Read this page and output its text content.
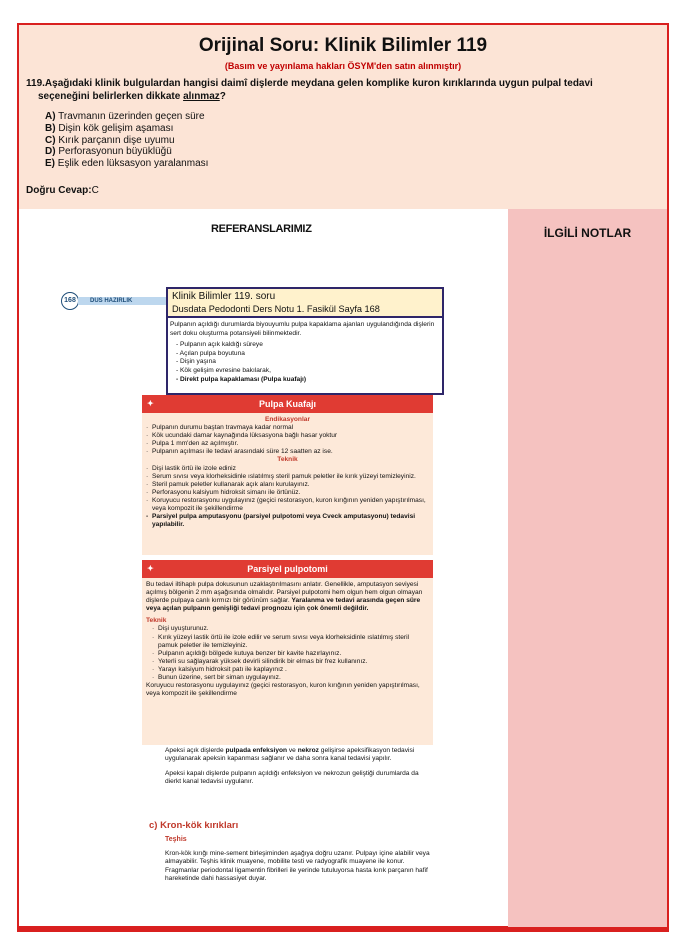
Orijinal Soru: Klinik Bilimler 119
(Basım ve yayınlama hakları ÖSYM'den satın alınmıştır)
119.Aşağıdaki klinik bulgulardan hangisi daimî dişlerde meydana gelen komplike kuron kırıklarında uygun pulpal tedavi
seçeneğini belirlerken dikkate alınmaz?
A) Travmanın üzerinden geçen süre
B) Dişin kök gelişim aşaması
C) Kırık parçanın dişe uyumu
D) Perforasyonun büyüklüğü
E) Eşlik eden lüksasyon yaralanması
Doğru Cevap:C
REFERANSLARIMIZ	İLGİLİ NOTLAR
168	DUS HAZIRLIK
✦	Pulpa Kuafajı
Endikasyonlar
· Pulpanın durumu baştan travmaya kadar normal
· Kök ucundaki damar kaynağında lüksasyona bağlı hasar yoktur
· Pulpa 1 mm'den az açılmıştır.
· Pulpanın açılması ile tedavi arasındaki süre 12 saatten az ise.
Teknik
· Dişi lastik örtü ile izole ediniz
· Serum sıvısı veya klorheksidinle ıslatılmış steril pamuk peletler ile kırık yüzeyi temizleyiniz.
· Steril pamuk peletler kullanarak açık alanı kurulayınız.
· Perforasyonu kalsiyum hidroksit simanı ile örtünüz.
· Koruyucu restorasyonu uygulayınız (geçici restorasyon, kuron kırığının yeniden yapıştırılması, veya kompozit ile şekillendirme
- Parsiyel pulpa amputasyonu (parsiyel pulpotomi veya Cveck amputasyonu) tedavisi yapılabilir.
✦	Parsiyel pulpotomi
Bu tedavi iltihaplı pulpa dokusunun uzaklaştırılmasını anlatır. Genellikle, amputasyon seviyesi açılmış bölgenin 2 mm aşağısında olmalıdır. Parsiyel pulpotomi hem olgun hem olgun olmayan dişlerde pulpaya canlı kırmızı bir görünüm sağlar. Yaralanma ve tedavi arasında geçen süre veya açılan pulpanın genişliği tedavi prognozu için çok önemli değildir.
Teknik
· Dişi uyuşturunuz.
· Kırık yüzeyi lastik örtü ile izole edilir ve serum sıvısı veya klorheksidinle ıslatılmış steril pamuk peletler ile temizleyiniz.
· Pulpanın açıldığı bölgede kutuya benzer bir kavite hazırlayınız.
· Yeterli su sağlayarak yüksek devirli silindirik bir elmas bir frez kullanınız.
· Yarayı kalsiyum hidroksit patı ile kaplayınız .
· Bunun üzerine, sert bir siman uygulayınız.
Koruyucu restorasyonu uygulayınız (geçici restorasyon, kuron kırığının yeniden yapıştırılması, veya kompozit ile şekillendirme
Apeksi açık dişlerde pulpada enfeksiyon ve nekroz gelişirse apeksifikasyon tedavisi uygulanarak apeksin kapanması sağlanır ve daha sonra kanal tedavisi yapılır.
Apeksi kapalı dişlerde pulpanın açıldığı enfeksiyon ve nekrozun geliştiği durumlarda da dierkt kanal tedavisi uygulanır.
c) Kron-kök kırıkları
Teşhis
Kron-kök kırığı mine-sement birleşiminden aşağıya doğru uzanır. Pulpayı içine alabilir veya almayabilir. Teşhis klinik muayene, mobilite testi ve radyografik muayene ile konur. Fragmanlar periodontal ligamentin fibrilleri ile yerinde tutuluyorsa hasta kırık parçanın hafif hareketinde dahi hassasiyet duyar.
Klinik Bilimler 119. soru
Dusdata Pedodonti Ders Notu 1. Fasikül Sayfa 168
Pulpanın açıldığı durumlarda biyouyumlu pulpa kapaklama ajanları uygulandığında dişlerin sert doku oluşturma potansiyeli bilinmektedir.
- Pulpanın açık kaldığı süreye
- Açılan pulpa boyutuna
- Dişin yaşına
- Kök gelişim evresine bakılarak,
- Direkt pulpa kapaklaması (Pulpa kuafajı)
